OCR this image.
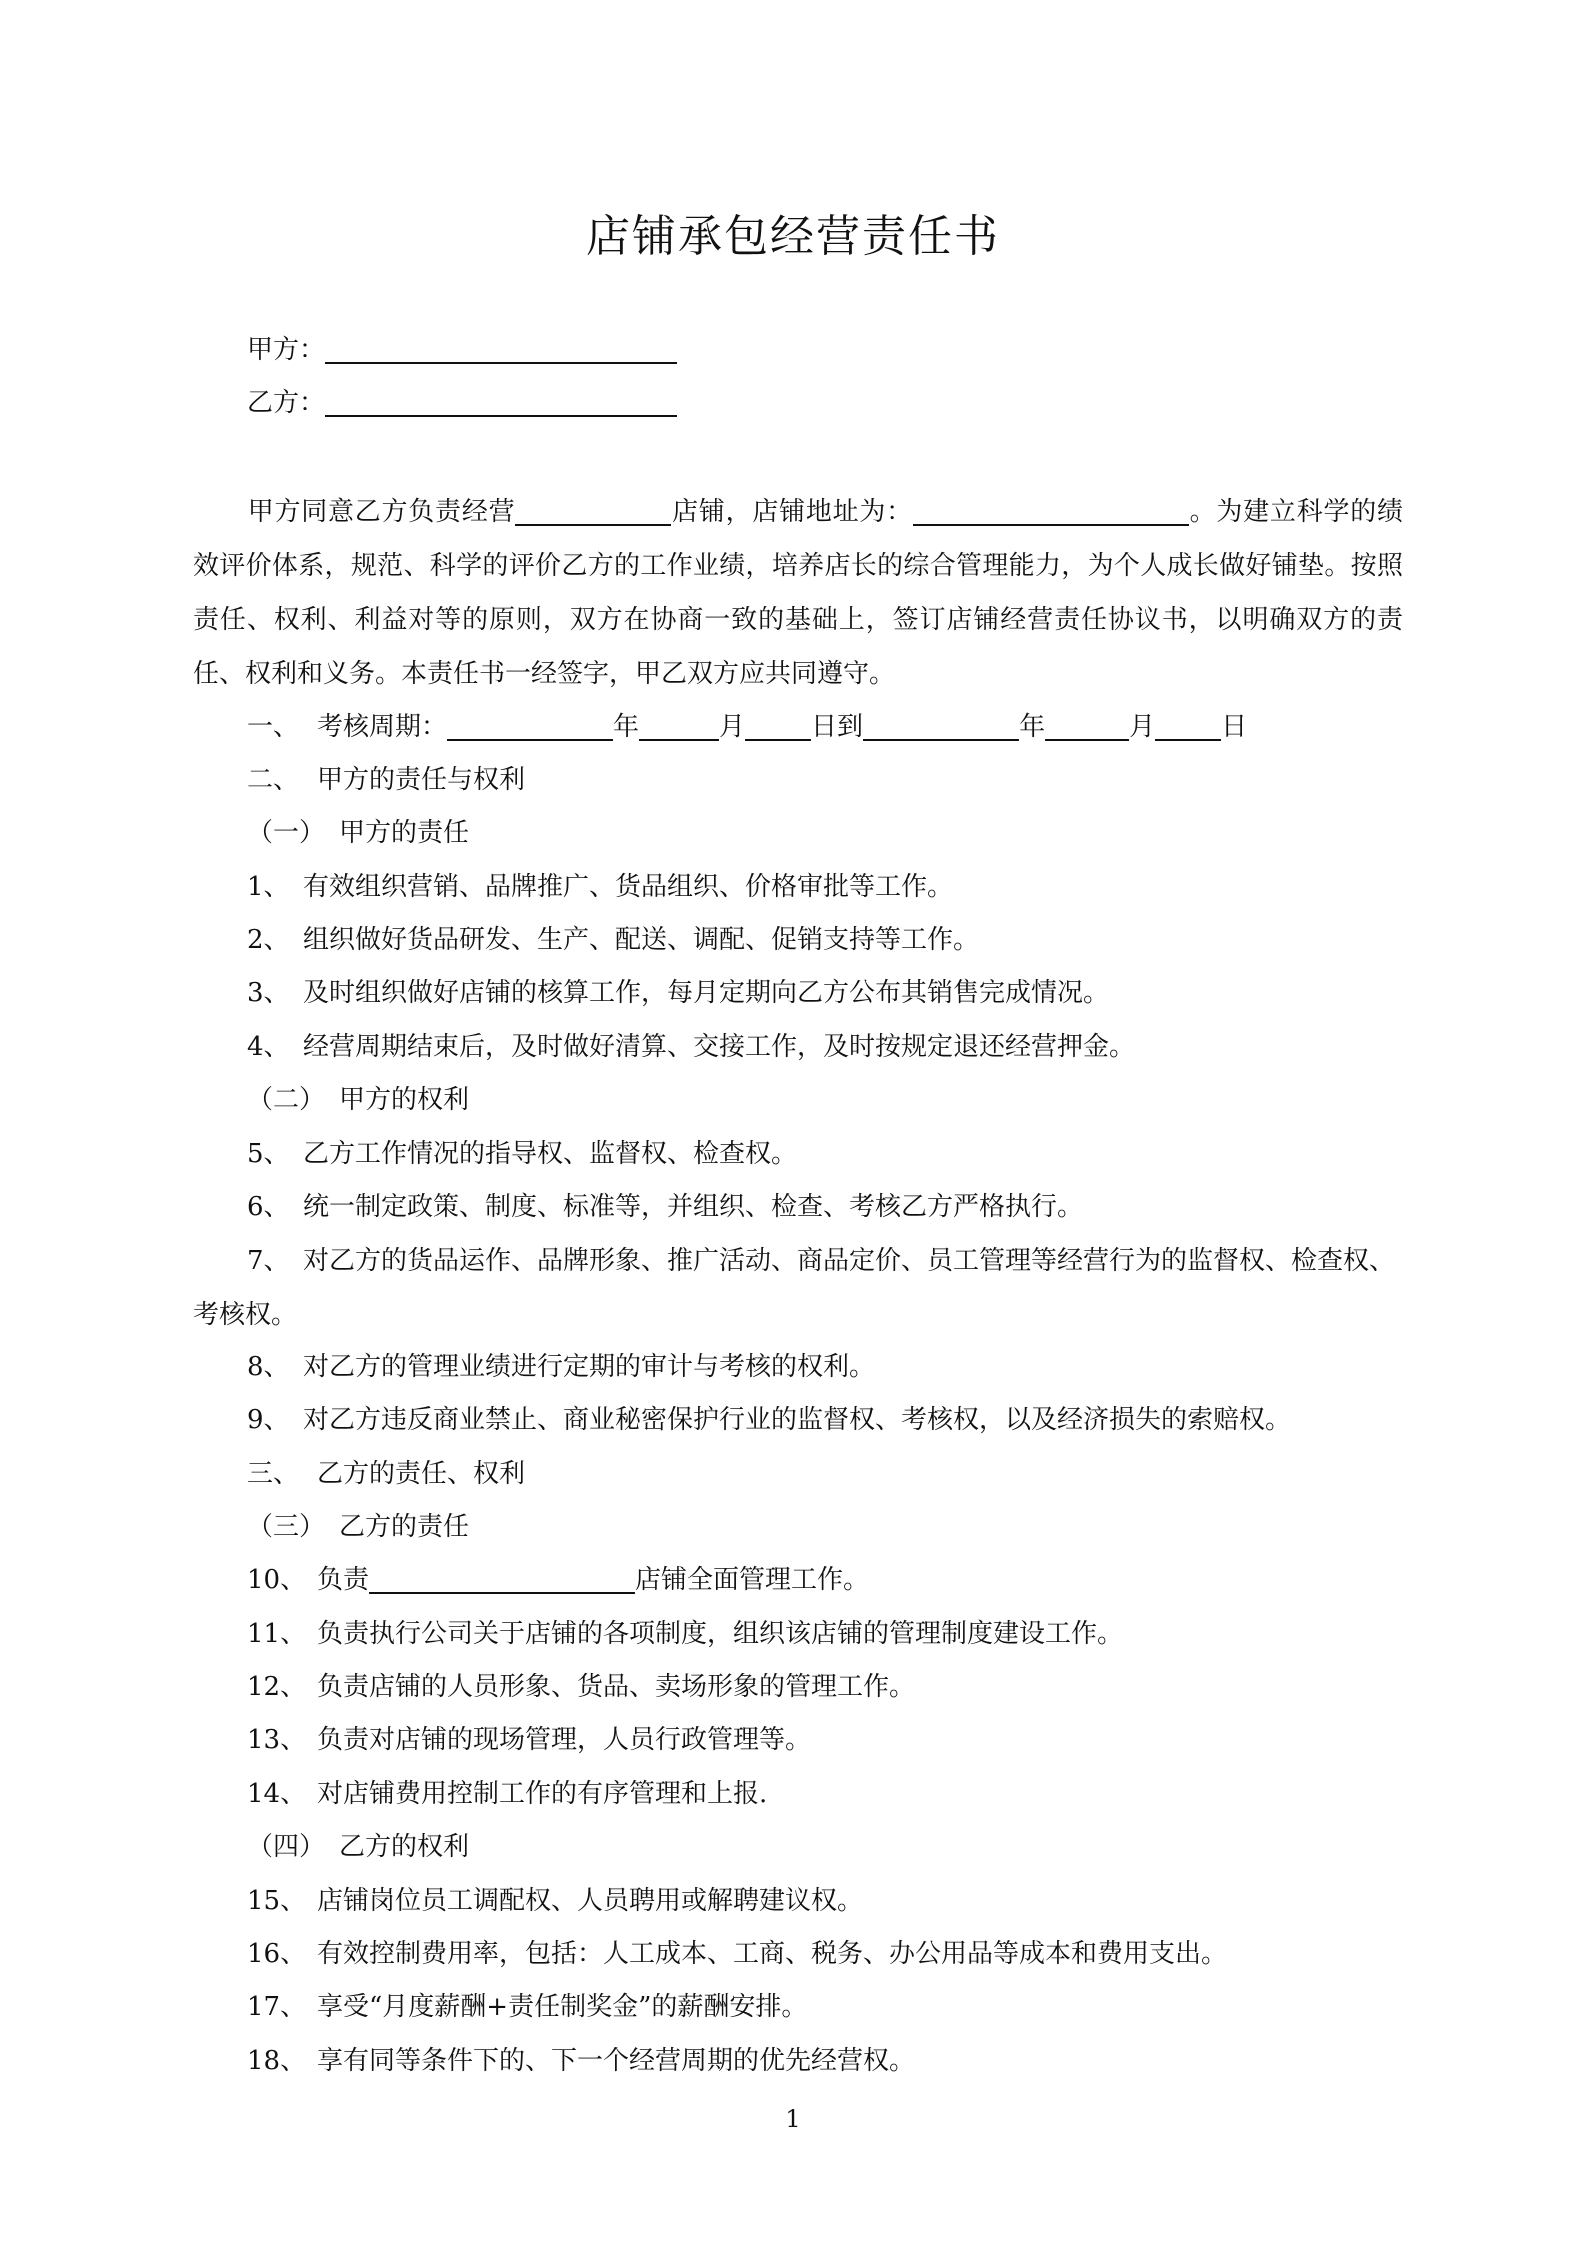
店铺承包经营责任书
甲方：
乙方：
甲方同意乙方负责经营	店铺，店铺地址为：	。为建立科学的绩效评价体系，规范、科学的评价乙方的工作业绩，培养店长的综合管理能力，为个人成长做好铺垫。按照责任、权利、利益对等的原则，双方在协商一致的基础上，签订店铺经营责任协议书，以明确双方的责任、权利和义务。本责任书一经签字，甲乙双方应共同遵守。
一、 考核周期：	年	月	日到	年	月	日
二、 甲方的责任与权利
（一） 甲方的责任
1、 有效组织营销、品牌推广、货品组织、价格审批等工作。
2、 组织做好货品研发、生产、配送、调配、促销支持等工作。
3、 及时组织做好店铺的核算工作，每月定期向乙方公布其销售完成情况。
4、 经营周期结束后，及时做好清算、交接工作，及时按规定退还经营押金。
（二） 甲方的权利
5、 乙方工作情况的指导权、监督权、检查权。
6、 统一制定政策、制度、标准等，并组织、检查、考核乙方严格执行。
7、 对乙方的货品运作、品牌形象、推广活动、商品定价、员工管理等经营行为的监督权、检查权、考核权。
8、 对乙方的管理业绩进行定期的审计与考核的权利。
9、 对乙方违反商业禁止、商业秘密保护行业的监督权、考核权，以及经济损失的索赔权。
三、 乙方的责任、权利
（三） 乙方的责任
10、 负责	店铺全面管理工作。
11、 负责执行公司关于店铺的各项制度，组织该店铺的管理制度建设工作。
12、 负责店铺的人员形象、货品、卖场形象的管理工作。
13、 负责对店铺的现场管理，人员行政管理等。
14、 对店铺费用控制工作的有序管理和上报.
（四） 乙方的权利
15、 店铺岗位员工调配权、人员聘用或解聘建议权。
16、 有效控制费用率，包括：人工成本、工商、税务、办公用品等成本和费用支出。
17、 享受“月度薪酬+责任制奖金”的薪酬安排。
18、 享有同等条件下的、下一个经营周期的优先经营权。
1
